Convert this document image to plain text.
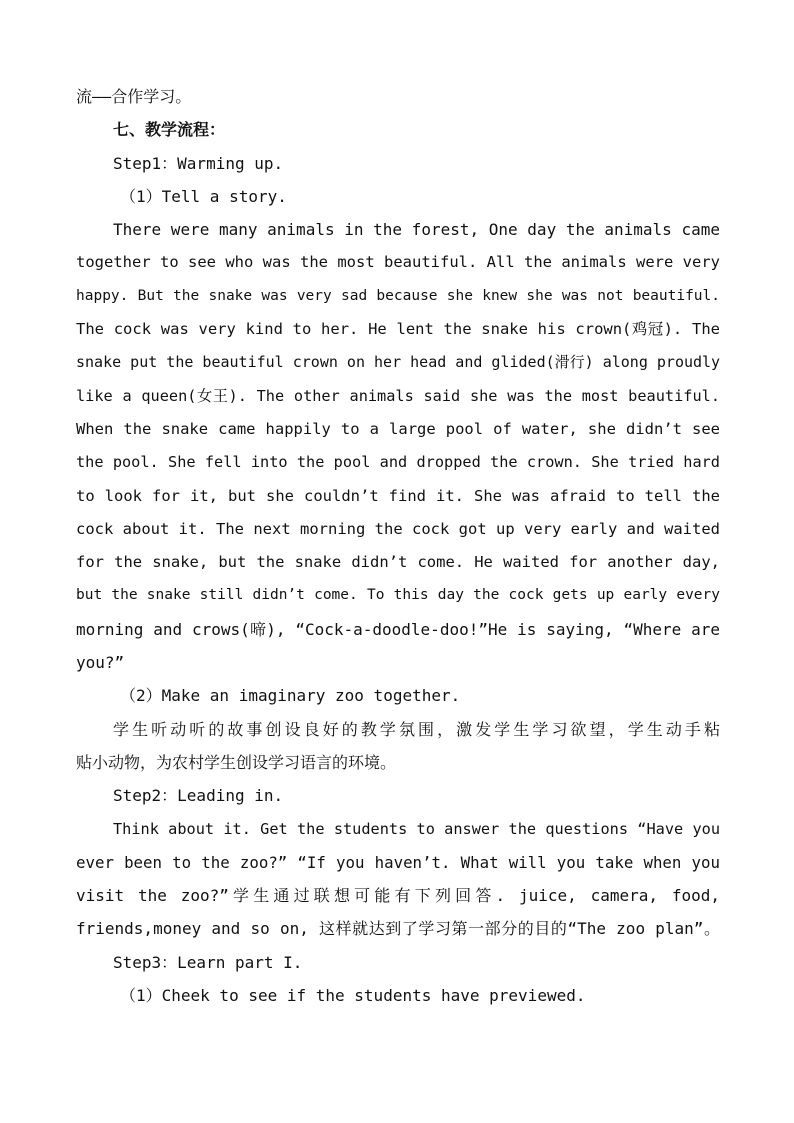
流——合作学习。
七、教学流程：
Step1：Warming up.
（1）Tell a story.
There were many animals in the forest, One day the animals came
together to see who was the most beautiful. All the animals were very
happy. But the snake was very sad because she knew she was not beautiful.
The cock was very kind to her. He lent the snake his crown(鸡冠). The
snake put the beautiful crown on her head and glided(滑行) along proudly
like a queen(女王). The other animals said she was the most beautiful.
When the snake came happily to a large pool of water, she didn’t see
the pool. She fell into the pool and dropped the crown. She tried hard
to look for it, but she couldn’t find it. She was afraid to tell the
cock about it. The next morning the cock got up very early and waited
for the snake, but the snake didn’t come. He waited for another day,
but the snake still didn’t come. To this day the cock gets up early every
morning and crows(啼), “Cock-a-doodle-doo!”He is saying, “Where are
you?”
（2）Make an imaginary zoo together.
学生听动听的故事创设良好的教学氛围，激发学生学习欲望，学生动手粘
贴小动物，为农村学生创设学习语言的环境。
Step2：Leading in.
Think about it. Get the students to answer the questions “Have you
ever been to the zoo?” “If you haven’t. What will you take when you
visit the zoo?”学生通过联想可能有下列回答. juice, camera, food,
friends,money and so on, 这样就达到了学习第一部分的目的“The zoo plan”。
Step3：Learn part I.
（1）Cheek to see if the students have previewed.
